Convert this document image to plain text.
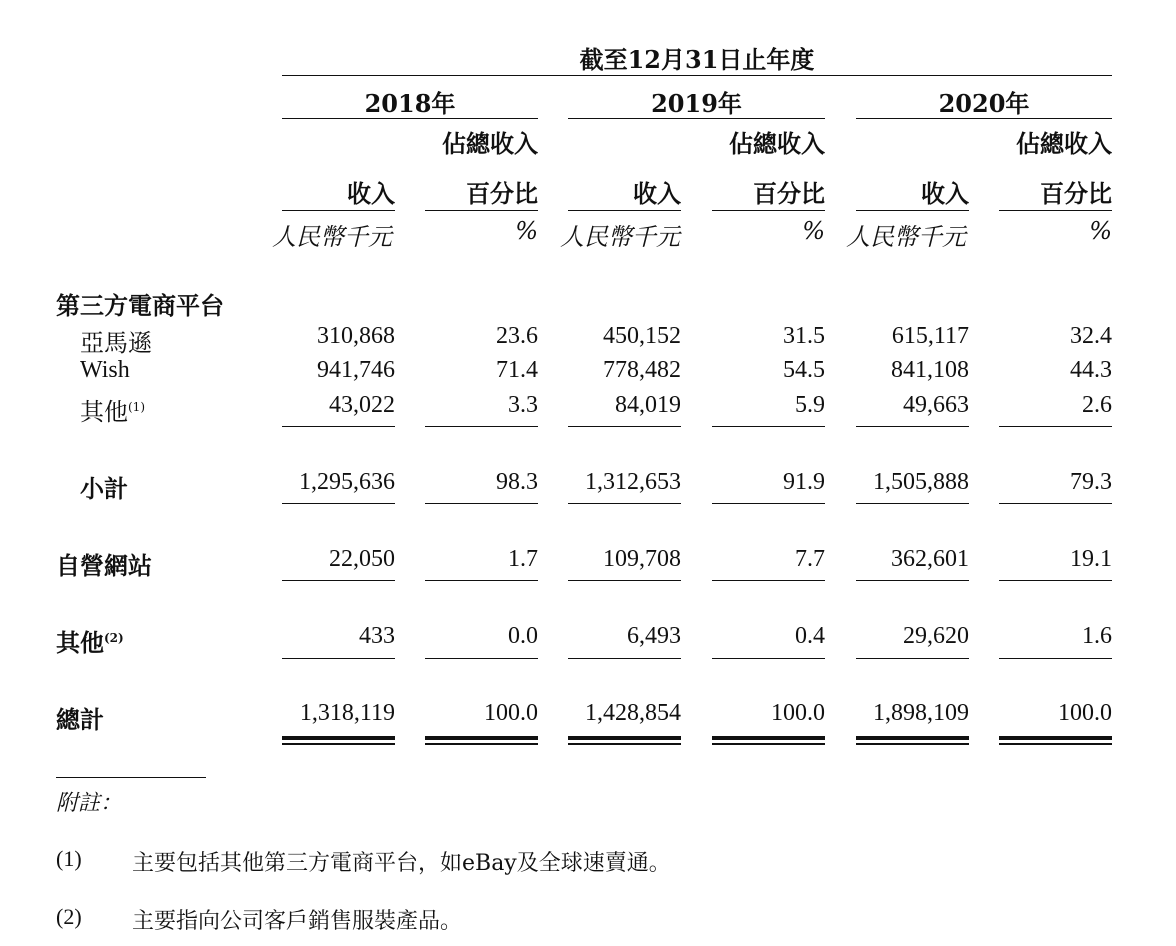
截至12月31日止年度
2018年	2019年	2020年
佔總收入	佔總收入	佔總收入
收入	百分比	收入	百分比	收入	百分比
人民幣千元	% 人民幣千元	% 人民幣千元	%
第三方電商平台
亞馬遜	310,868	23.6	450,152	31.5	615,117	32.4
Wish	941,746	71.4	778,482	54.5	841,108	44.3
其他$^{(1)}$	43,022	3.3	84,019	5.9	49,663	2.6
小計	1,295,636	98.3	1,312,653	91.9	1,505,888	79.3
自營網站	22,050	1.7	109,708	7.7	362,601	19.1
其他$^{(2)}$	433	0.0	6,493	0.4	29,620	1.6
總計	1,318,119	100.0	1,428,854	100.0	1,898,109	100.0
附註：
(1) 主要包括其他第三方電商平台，如eBay及全球速賣通。
(2) 主要指向公司客戶銷售服裝產品。
